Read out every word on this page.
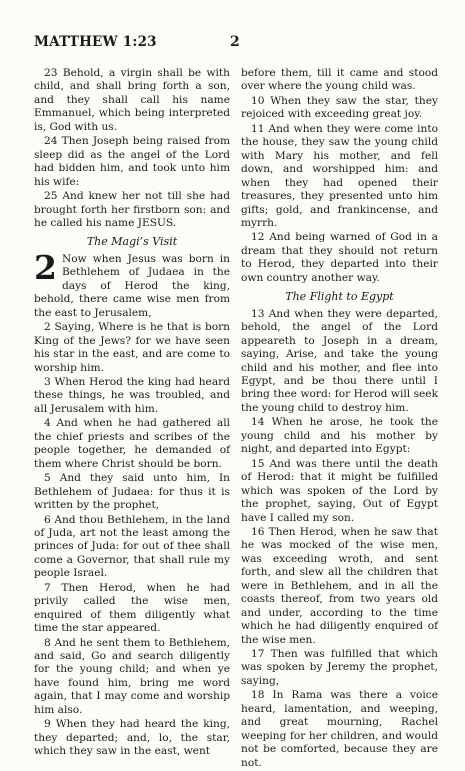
MATTHEW 1:23	2

23 Behold, a virgin shall be with child, and shall bring forth a son, and they shall call his name Emmanuel, which being interpreted is, God with us.

24 Then Joseph being raised from sleep did as the angel of the Lord had bidden him, and took unto him his wife:

25 And knew her not till she had brought forth her firstborn son: and he called his name JESUS.

The Magi’s Visit

2 Now when Jesus was born in Bethlehem of Judaea in the days of Herod the king, behold, there came wise men from the east to Jerusalem,

2 Saying, Where is he that is born King of the Jews? for we have seen his star in the east, and are come to worship him.

3 When Herod the king had heard these things, he was troubled, and all Jerusalem with him.

4 And when he had gathered all the chief priests and scribes of the people together, he demanded of them where Christ should be born.

5 And they said unto him, In Bethlehem of Judaea: for thus it is written by the prophet,

6 And thou Bethlehem, in the land of Juda, art not the least among the princes of Juda: for out of thee shall come a Governor, that shall rule my people Israel.

7 Then Herod, when he had privily called the wise men, enquired of them diligently what time the star appeared.

8 And he sent them to Bethlehem, and said, Go and search diligently for the young child; and when ye have found him, bring me word again, that I may come and worship him also.

9 When they had heard the king, they departed; and, lo, the star, which they saw in the east, went

before them, till it came and stood over where the young child was.

10 When they saw the star, they rejoiced with exceeding great joy.

11 And when they were come into the house, they saw the young child with Mary his mother, and fell down, and worshipped him: and when they had opened their treasures, they presented unto him gifts; gold, and frankincense, and myrrh.

12 And being warned of God in a dream that they should not return to Herod, they departed into their own country another way.

The Flight to Egypt

13 And when they were departed, behold, the angel of the Lord appeareth to Joseph in a dream, saying, Arise, and take the young child and his mother, and flee into Egypt, and be thou there until I bring thee word: for Herod will seek the young child to destroy him.

14 When he arose, he took the young child and his mother by night, and departed into Egypt:

15 And was there until the death of Herod: that it might be fulfilled which was spoken of the Lord by the prophet, saying, Out of Egypt have I called my son.

16 Then Herod, when he saw that he was mocked of the wise men, was exceeding wroth, and sent forth, and slew all the children that were in Bethlehem, and in all the coasts thereof, from two years old and under, according to the time which he had diligently enquired of the wise men.

17 Then was fulfilled that which was spoken by Jeremy the prophet, saying,

18 In Rama was there a voice heard, lamentation, and weeping, and great mourning, Rachel weeping for her children, and would not be comforted, because they are not.
